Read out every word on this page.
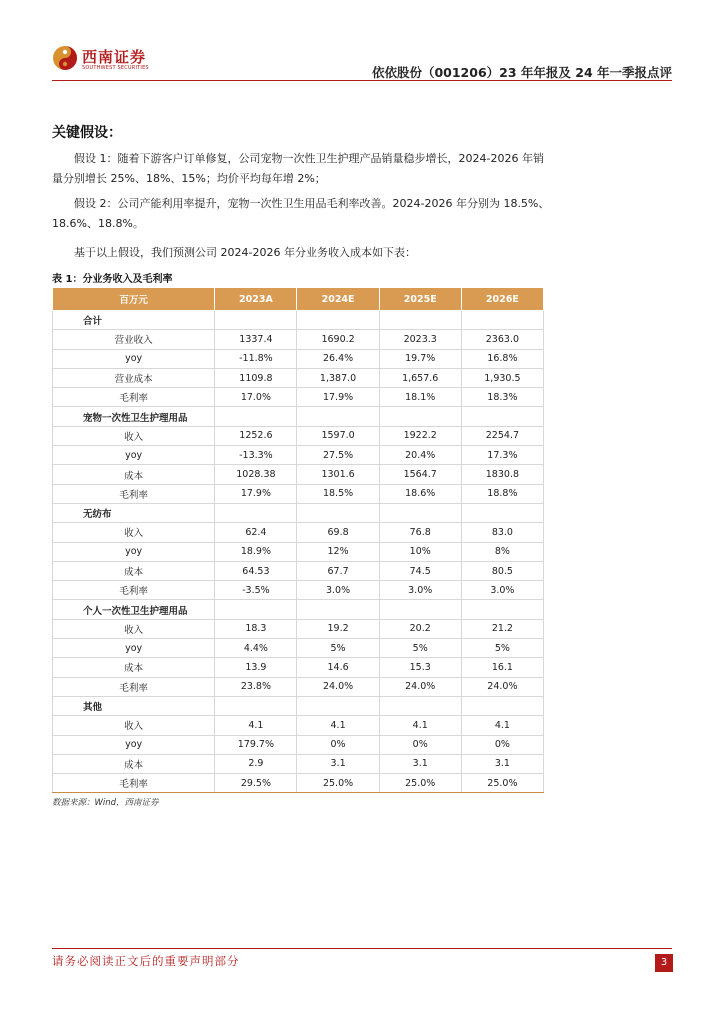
西南证券
SOUTHWEST SECURITIES	依依股份（001206）23 年年报及 24 年一季报点评
关键假设：
假设 1：随着下游客户订单修复，公司宠物一次性卫生护理产品销量稳步增长，2024-2026 年销量分别增长 25%、18%、15%；均价平均每年增 2%；
假设 2：公司产能利用率提升，宠物一次性卫生用品毛利率改善。2024-2026 年分别为 18.5%、18.6%、18.8%。
基于以上假设，我们预测公司 2024-2026 年分业务收入成本如下表：
表 1：分业务收入及毛利率
百万元	2023A	2024E	2025E	2026E
合计				
营业收入	1337.4	1690.2	2023.3	2363.0
yoy	-11.8%	26.4%	19.7%	16.8%
营业成本	1109.8	1,387.0	1,657.6	1,930.5
毛利率	17.0%	17.9%	18.1%	18.3%
宠物一次性卫生护理用品				
收入	1252.6	1597.0	1922.2	2254.7
yoy	-13.3%	27.5%	20.4%	17.3%
成本	1028.38	1301.6	1564.7	1830.8
毛利率	17.9%	18.5%	18.6%	18.8%
无纺布				
收入	62.4	69.8	76.8	83.0
yoy	18.9%	12%	10%	8%
成本	64.53	67.7	74.5	80.5
毛利率	-3.5%	3.0%	3.0%	3.0%
个人一次性卫生护理用品				
收入	18.3	19.2	20.2	21.2
yoy	4.4%	5%	5%	5%
成本	13.9	14.6	15.3	16.1
毛利率	23.8%	24.0%	24.0%	24.0%
其他				
收入	4.1	4.1	4.1	4.1
yoy	179.7%	0%	0%	0%
成本	2.9	3.1	3.1	3.1
毛利率	29.5%	25.0%	25.0%	25.0%
数据来源：Wind，西南证券
请务必阅读正文后的重要声明部分	3
